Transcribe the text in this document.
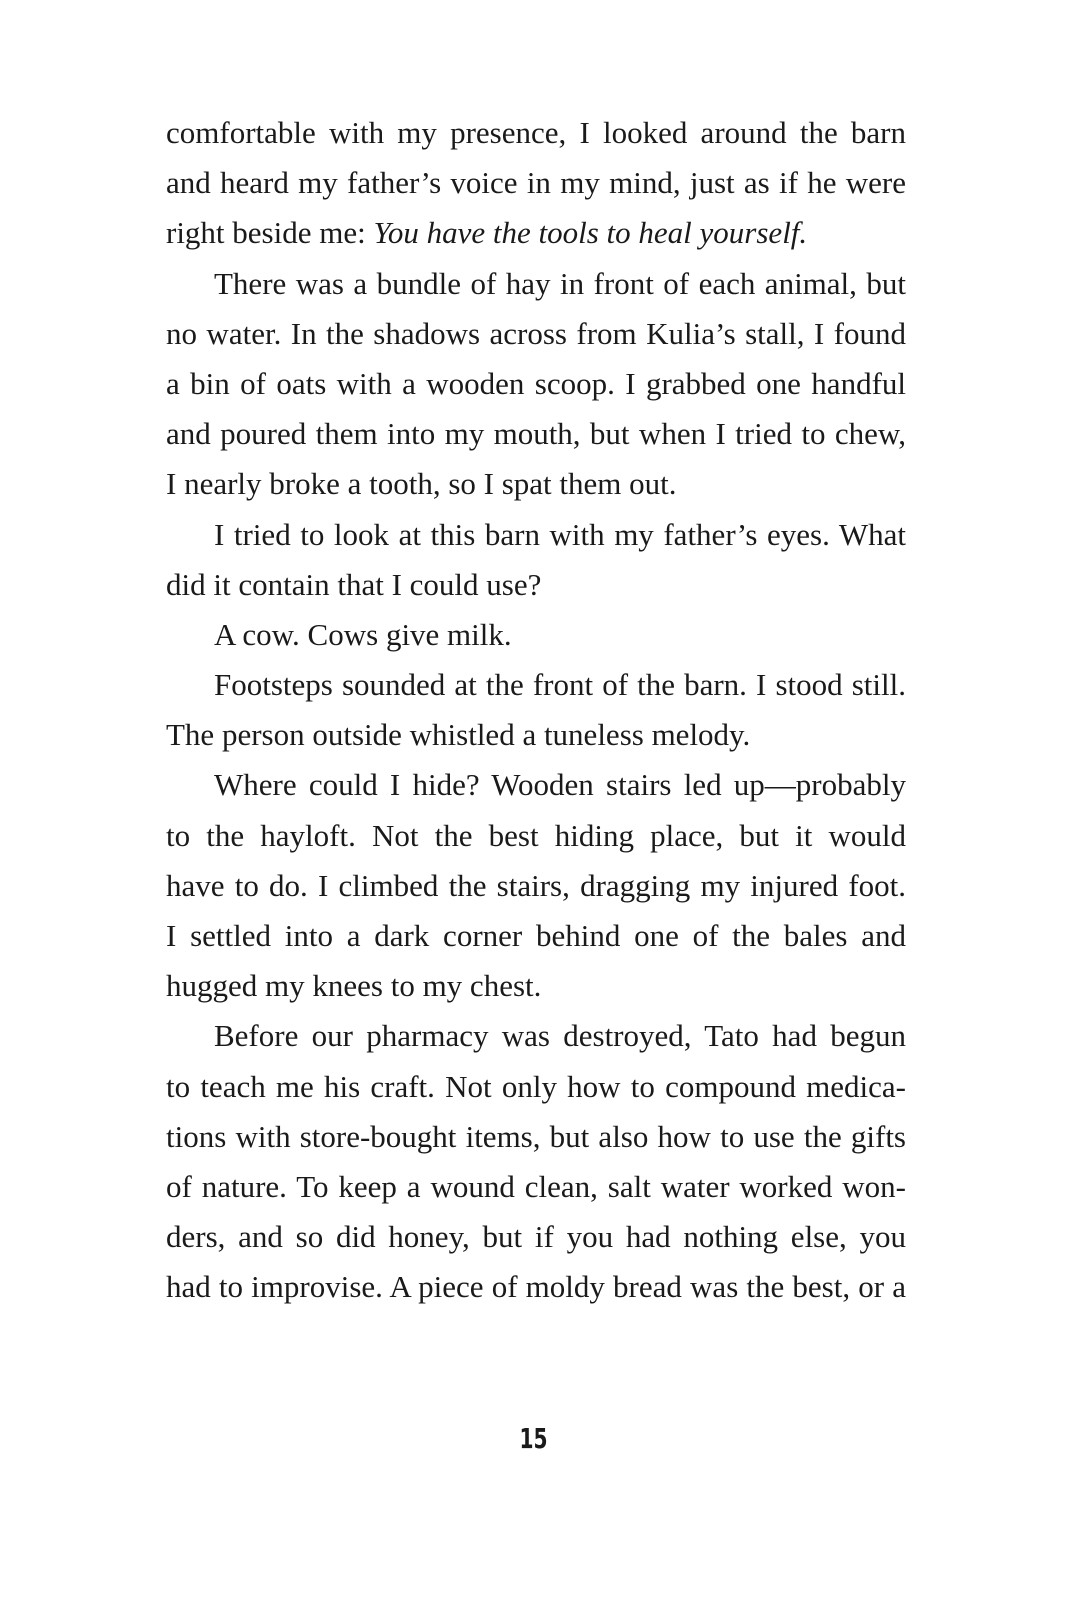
comfortable with my presence, I looked around the barn
and heard my father’s voice in my mind, just as if he were
right beside me: You have the tools to heal yourself.
There was a bundle of hay in front of each animal, but
no water. In the shadows across from Kulia’s stall, I found
a bin of oats with a wooden scoop. I grabbed one handful
and poured them into my mouth, but when I tried to chew,
I nearly broke a tooth, so I spat them out.
I tried to look at this barn with my father’s eyes. What
did it contain that I could use?
A cow. Cows give milk.
Footsteps sounded at the front of the barn. I stood still.
The person outside whistled a tuneless melody.
Where could I hide? Wooden stairs led up—probably
to the hayloft. Not the best hiding place, but it would
have to do. I climbed the stairs, dragging my injured foot.
I settled into a dark corner behind one of the bales and
hugged my knees to my chest.
Before our pharmacy was destroyed, Tato had begun
to teach me his craft. Not only how to compound medica-
tions with store-bought items, but also how to use the gifts
of nature. To keep a wound clean, salt water worked won-
ders, and so did honey, but if you had nothing else, you
had to improvise. A piece of moldy bread was the best, or a
15
